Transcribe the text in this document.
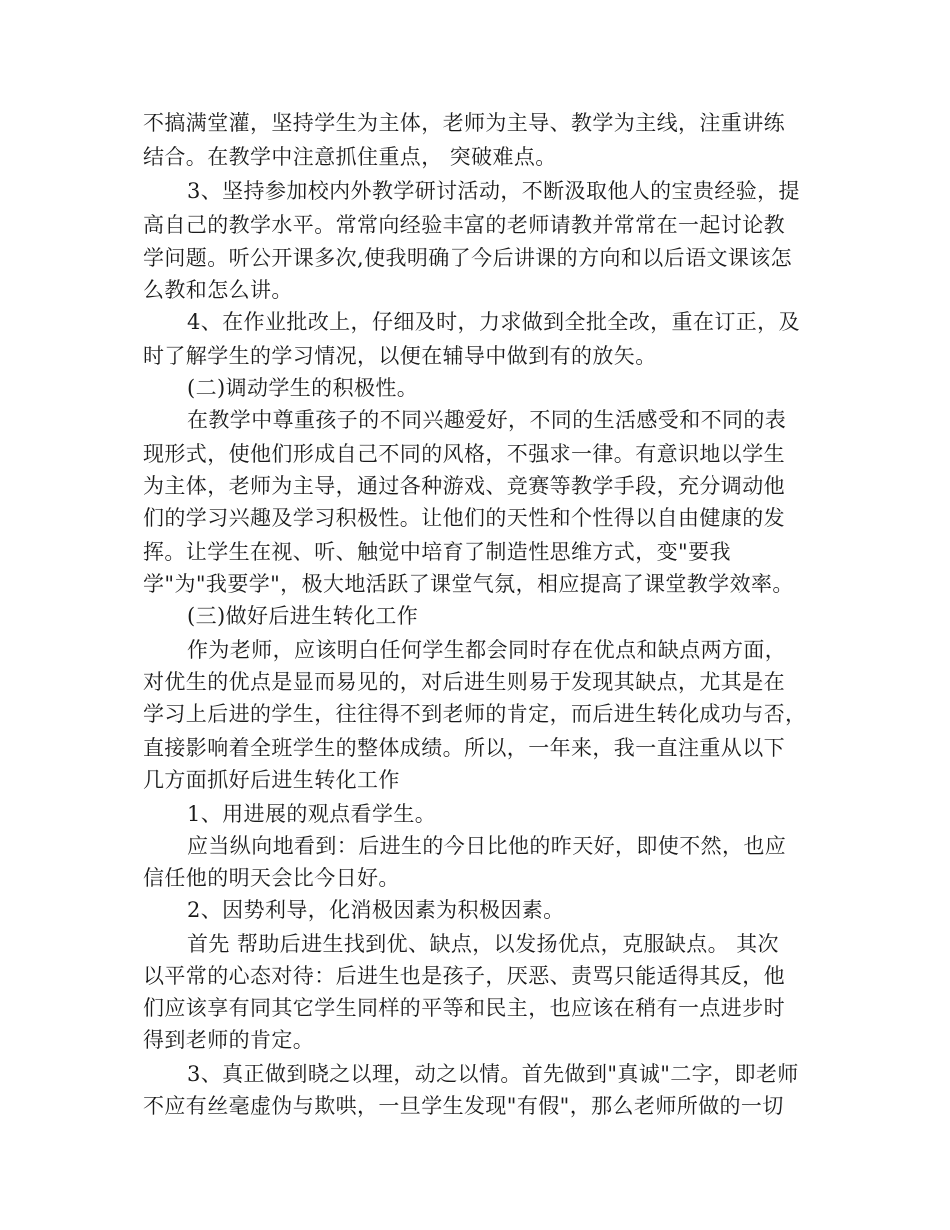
不搞满堂灌，坚持学生为主体，老师为主导、教学为主线，注重讲练
结合。在教学中注意抓住重点， 突破难点。
3、坚持参加校内外教学研讨活动，不断汲取他人的宝贵经验，提
高自己的教学水平。常常向经验丰富的老师请教并常常在一起讨论教
学问题。听公开课多次,使我明确了今后讲课的方向和以后语文课该怎
么教和怎么讲。
4、在作业批改上，仔细及时，力求做到全批全改，重在订正，及
时了解学生的学习情况，以便在辅导中做到有的放矢。
(二)调动学生的积极性。
在教学中尊重孩子的不同兴趣爱好，不同的生活感受和不同的表
现形式，使他们形成自己不同的风格，不强求一律。有意识地以学生
为主体，老师为主导，通过各种游戏、竞赛等教学手段，充分调动他
们的学习兴趣及学习积极性。让他们的天性和个性得以自由健康的发
挥。让学生在视、听、触觉中培育了制造性思维方式，变"要我
学"为"我要学"，极大地活跃了课堂气氛，相应提高了课堂教学效率。
(三)做好后进生转化工作
作为老师，应该明白任何学生都会同时存在优点和缺点两方面，
对优生的优点是显而易见的，对后进生则易于发现其缺点，尤其是在
学习上后进的学生，往往得不到老师的肯定，而后进生转化成功与否，
直接影响着全班学生的整体成绩。所以，一年来，我一直注重从以下
几方面抓好后进生转化工作
1、用进展的观点看学生。
应当纵向地看到：后进生的今日比他的昨天好，即使不然，也应
信任他的明天会比今日好。
2、因势利导，化消极因素为积极因素。
首先 帮助后进生找到优、缺点，以发扬优点，克服缺点。 其次
以平常的心态对待：后进生也是孩子，厌恶、责骂只能适得其反，他
们应该享有同其它学生同样的平等和民主，也应该在稍有一点进步时
得到老师的肯定。
3、真正做到晓之以理，动之以情。首先做到"真诚"二字，即老师
不应有丝毫虚伪与欺哄，一旦学生发现"有假"，那么老师所做的一切
